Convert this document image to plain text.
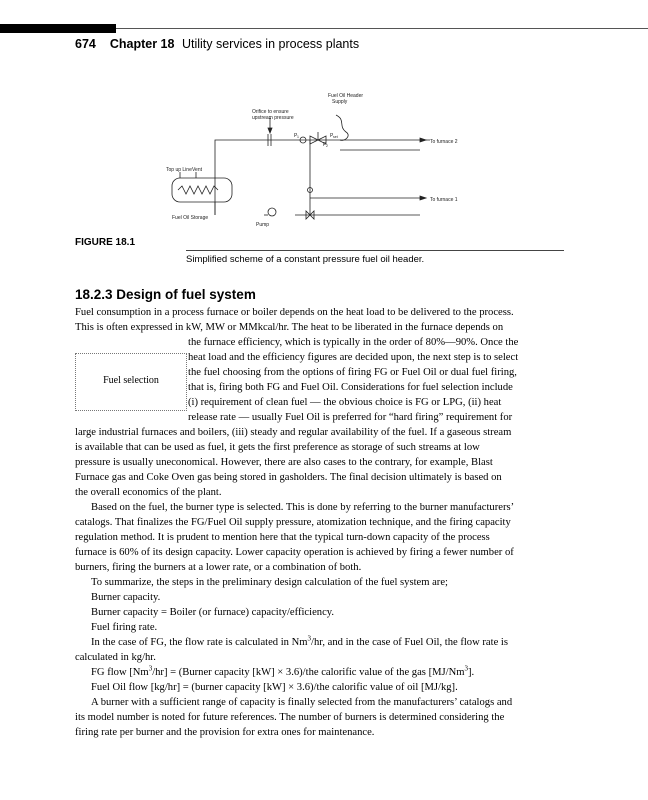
674 Chapter 18 Utility services in process plants
Fuel Oil Header
Supply
Orifice to ensure
upstream pressure
P 1
P 2
P set
To furnace 2
To furnace 1
Top up Line Vent
Fuel Oil Storage
Pump
FIGURE 18.1
Simplified scheme of a constant pressure fuel oil header.
18.2.3 Design of fuel system
Fuel selection
Fuel consumption in a process furnace or boiler depends on the heat load to be delivered to the process.
This is often expressed in kW, MW or MMkcal/hr. The heat to be liberated in the furnace depends on
the furnace efficiency, which is typically in the order of 80%—90%. Once the
heat load and the efficiency figures are decided upon, the next step is to select
the fuel choosing from the options of firing FG or Fuel Oil or dual fuel firing,
that is, firing both FG and Fuel Oil. Considerations for fuel selection include
(i) requirement of clean fuel — the obvious choice is FG or LPG, (ii) heat
release rate — usually Fuel Oil is preferred for “hard firing” requirement for
large industrial furnaces and boilers, (iii) steady and regular availability of the fuel. If a gaseous stream
is available that can be used as fuel, it gets the first preference as storage of such streams at low
pressure is usually uneconomical. However, there are also cases to the contrary, for example, Blast
Furnace gas and Coke Oven gas being stored in gasholders. The final decision ultimately is based on
the overall economics of the plant.
Based on the fuel, the burner type is selected. This is done by referring to the burner manufacturers’
catalogs. That finalizes the FG/Fuel Oil supply pressure, atomization technique, and the firing capacity
regulation method. It is prudent to mention here that the typical turn-down capacity of the process
furnace is 60% of its design capacity. Lower capacity operation is achieved by firing a fewer number of
burners, firing the burners at a lower rate, or a combination of both.
To summarize, the steps in the preliminary design calculation of the fuel system are;
Burner capacity.
Burner capacity = Boiler (or furnace) capacity/efficiency.
Fuel firing rate.
In the case of FG, the flow rate is calculated in Nm$^3$/hr, and in the case of Fuel Oil, the flow rate is
calculated in kg/hr.
FG flow $[Nm^3/hr]$ = (Burner capacity [kW] × 3.6)/the calorific value of the gas [MJ/Nm$^3$].
Fuel Oil flow [kg/hr] = (burner capacity [kW] × 3.6)/the calorific value of oil [MJ/kg].
A burner with a sufficient range of capacity is finally selected from the manufacturers’ catalogs and
its model number is noted for future references. The number of burners is determined considering the
firing rate per burner and the provision for extra ones for maintenance.
